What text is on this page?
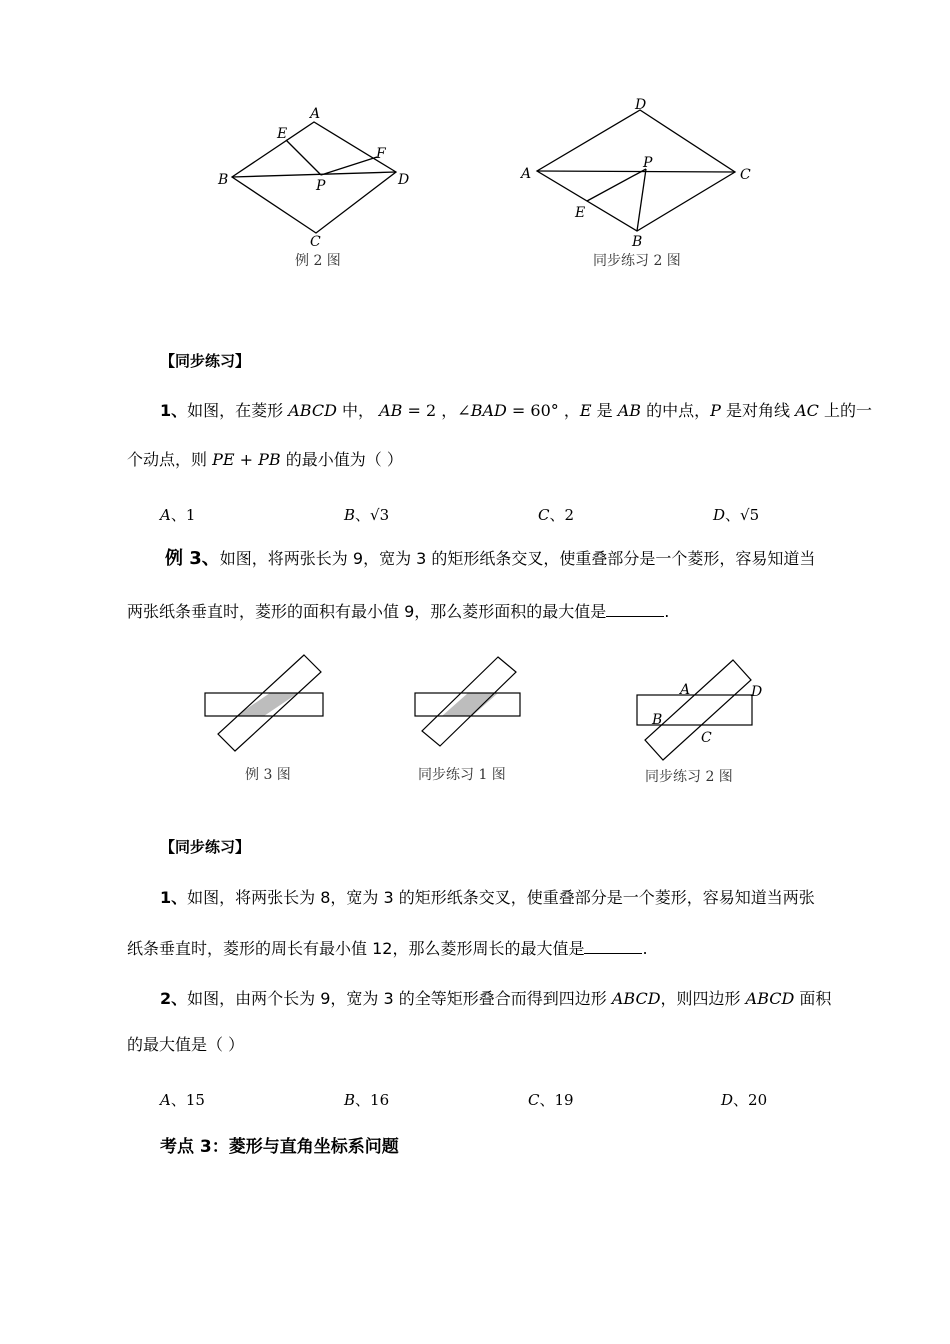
A
B
C
D
E
F
P
例 2 图
D
A
B
C
E
P
同步练习 2 图
【同步练习】
1、如图，在菱形 ABCD 中， AB = 2 ，∠BAD = 60° ，E 是 AB 的中点，P 是对角线 AC 上的一
个动点，则 PE + PB 的最小值为（ ）
A、1	B、√3	C、2	D、√5
例 3、如图，将两张长为 9，宽为 3 的矩形纸条交叉，使重叠部分是一个菱形，容易知道当
两张纸条垂直时，菱形的面积有最小值 9，那么菱形面积的最大值是	.
例 3 图	同步练习 1 图
A	D
B
C
同步练习 2 图
【同步练习】
1、如图，将两张长为 8，宽为 3 的矩形纸条交叉，使重叠部分是一个菱形，容易知道当两张
纸条垂直时，菱形的周长有最小值 12，那么菱形周长的最大值是	.
2、如图，由两个长为 9，宽为 3 的全等矩形叠合而得到四边形 ABCD，则四边形 ABCD 面积
的最大值是（ ）
A、15	B、16	C、19	D、20
考点 3：菱形与直角坐标系问题
